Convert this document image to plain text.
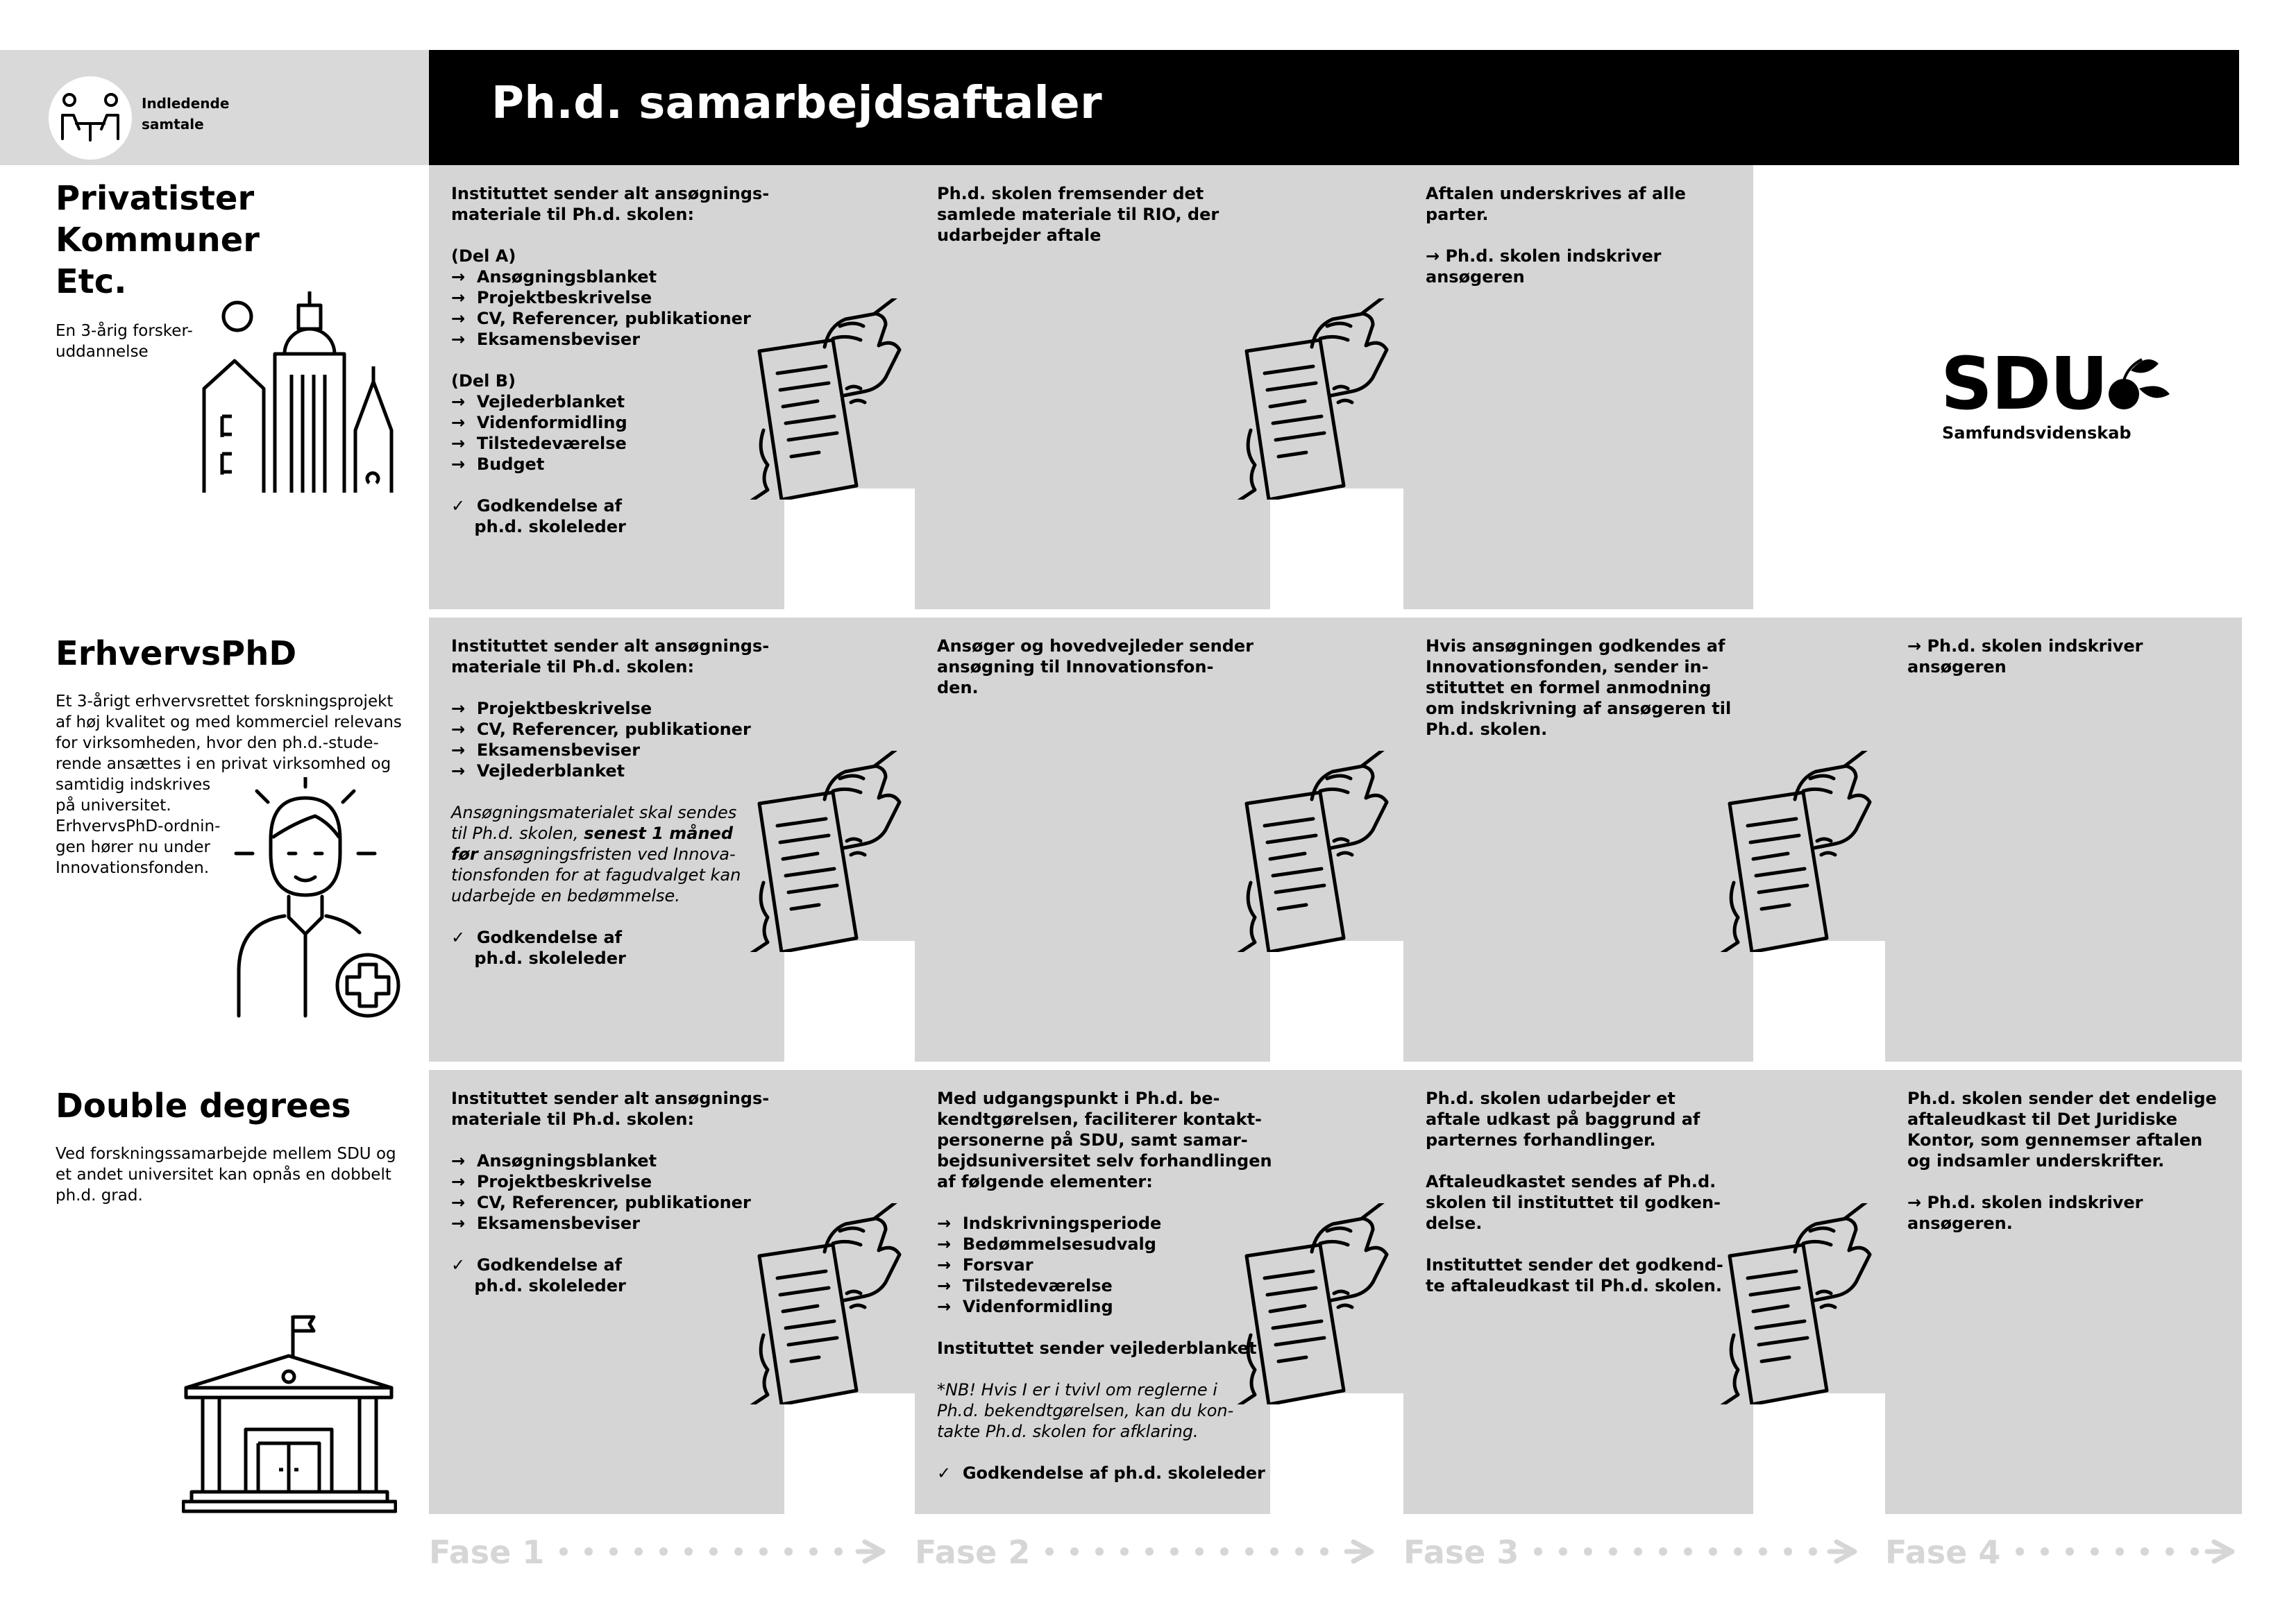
Ph.d. samarbejdsaftaler
Indledende samtale
Privatister
Kommuner
Etc.
En 3-årig forsker-
uddannelse
ErhvervsPhD
Et 3-årigt erhvervsrettet forskningsprojekt
af høj kvalitet og med kommerciel relevans
for virksomheden, hvor den ph.d.-stude-
rende ansættes i en privat virksomhed og
samtidig indskrives
på universitet.
ErhvervsPhD-ordnin-
gen hører nu under
Innovationsfonden.
Double degrees
Ved forskningssamarbejde mellem SDU og
et andet universitet kan opnås en dobbelt
ph.d. grad.
Instituttet sender alt ansøgnings-
materiale til Ph.d. skolen:

(Del A)
→  Ansøgningsblanket
→  Projektbeskrivelse
→  CV, Referencer, publikationer
→  Eksamensbeviser

(Del B)
→  Vejlederblanket
→  Videnformidling
→  Tilstedeværelse
→  Budget

✓  Godkendelse af
ph.d. skoleleder
Ph.d. skolen fremsender det
samlede materiale til RIO, der
udarbejder aftale
Aftalen underskrives af alle
parter.

→ Ph.d. skolen indskriver
ansøgeren
Instituttet sender alt ansøgnings-
materiale til Ph.d. skolen:

→  Projektbeskrivelse
→  CV, Referencer, publikationer
→  Eksamensbeviser
→  Vejlederblanket

Ansøgningsmaterialet skal sendes
til Ph.d. skolen, senest 1 måned
før ansøgningsfristen ved Innova-
tionsfonden for at fagudvalget kan
udarbejde en bedømmelse.

✓  Godkendelse af
ph.d. skoleleder
Ansøger og hovedvejleder sender
ansøgning til Innovationsfon-
den.
Hvis ansøgningen godkendes af
Innovationsfonden, sender in-
stituttet en formel anmodning
om indskrivning af ansøgeren til
Ph.d. skolen.
→ Ph.d. skolen indskriver
ansøgeren
Instituttet sender alt ansøgnings-
materiale til Ph.d. skolen:

→  Ansøgningsblanket
→  Projektbeskrivelse
→  CV, Referencer, publikationer
→  Eksamensbeviser

✓  Godkendelse af
ph.d. skoleleder
Med udgangspunkt i Ph.d. be-
kendtgørelsen, faciliterer kontakt-
personerne på SDU, samt samar-
bejdsuniversitet selv forhandlingen
af følgende elementer:

→  Indskrivningsperiode
→  Bedømmelsesudvalg
→  Forsvar
→  Tilstedeværelse
→  Videnformidling

Instituttet sender vejlederblanket

*NB! Hvis I er i tvivl om reglerne i
Ph.d. bekendtgørelsen, kan du kon-
takte Ph.d. skolen for afklaring.

✓  Godkendelse af ph.d. skoleleder
Ph.d. skolen udarbejder et
aftale udkast på baggrund af
parternes forhandlinger.

Aftaleudkastet sendes af Ph.d.
skolen til instituttet til godken-
delse.

Instituttet sender det godkend-
te aftaleudkast til Ph.d. skolen.
Ph.d. skolen sender det endelige
aftaleudkast til Det Juridiske
Kontor, som gennemser aftalen
og indsamler underskrifter.

→ Ph.d. skolen indskriver
ansøgeren.
SDU
Samfundsvidenskab
Fase 1	Fase 2	Fase 3	Fase 4
